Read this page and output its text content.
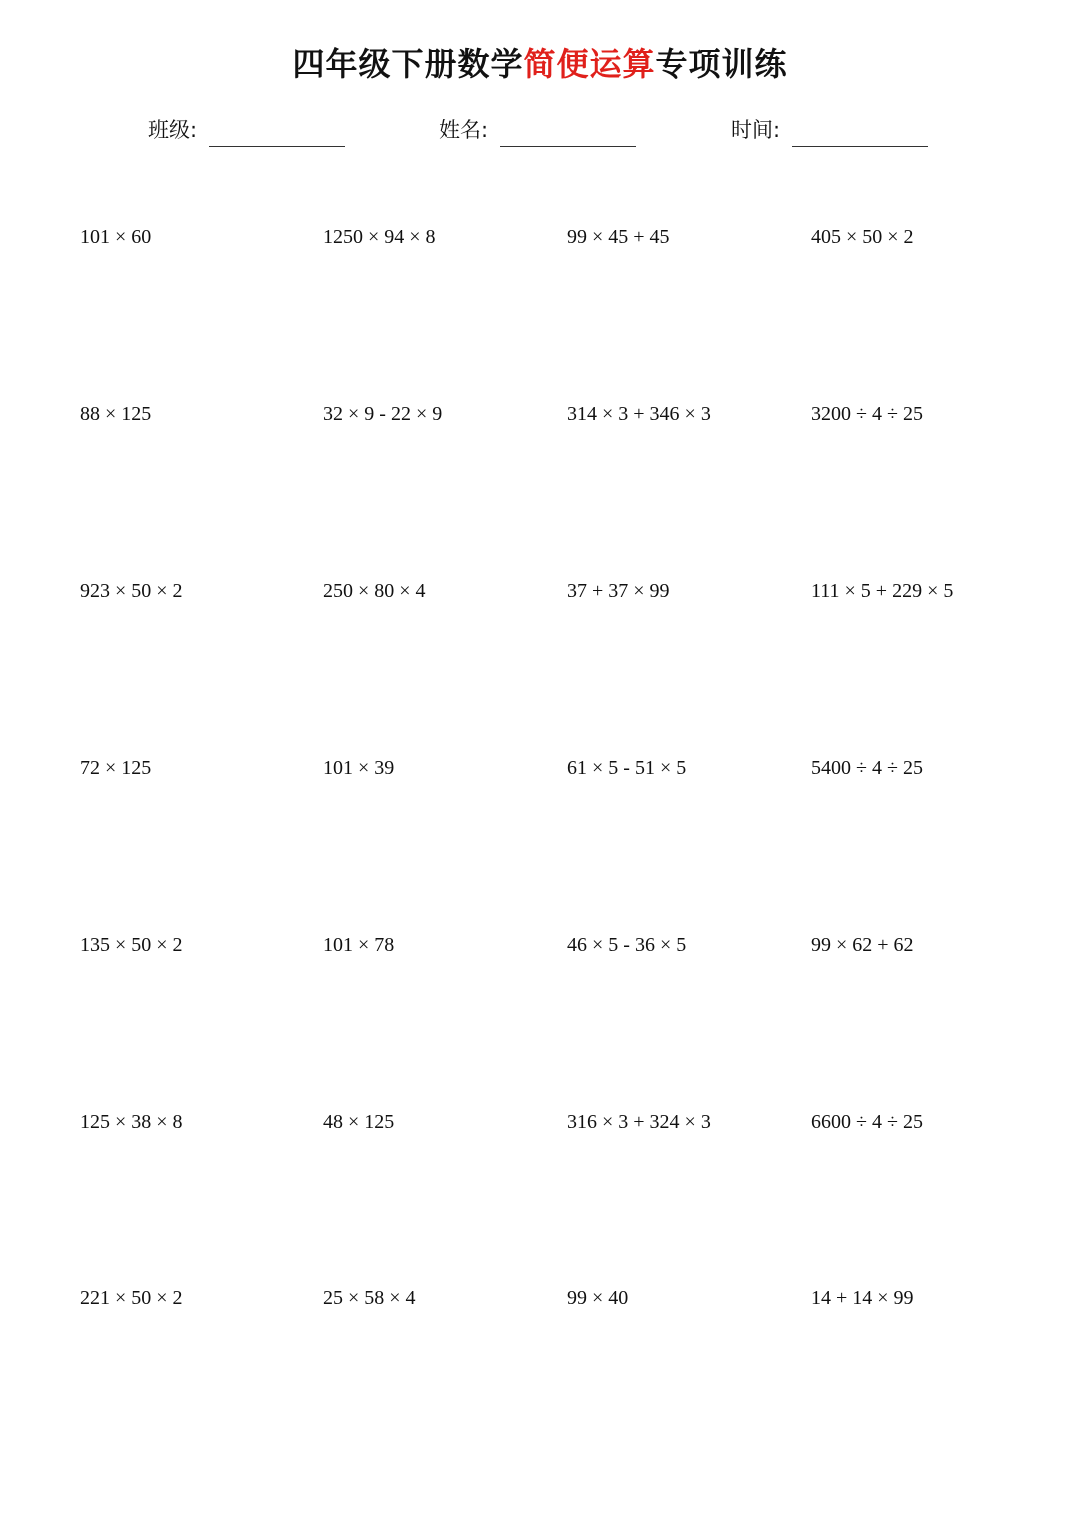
四年级下册数学简便运算专项训练
班级:	姓名:	时间:
101 × 60	1250 × 94 × 8	99 × 45 + 45	405 × 50 × 2
88 × 125	32 × 9 - 22 × 9	314 × 3 + 346 × 3	3200 ÷ 4 ÷ 25
923 × 50 × 2	250 × 80 × 4	37 + 37 × 99	111 × 5 + 229 × 5
72 × 125	101 × 39	61 × 5 - 51 × 5	5400 ÷ 4 ÷ 25
135 × 50 × 2	101 × 78	46 × 5 - 36 × 5	99 × 62 + 62
125 × 38 × 8	48 × 125	316 × 3 + 324 × 3	6600 ÷ 4 ÷ 25
221 × 50 × 2	25 × 58 × 4	99 × 40	14 + 14 × 99
